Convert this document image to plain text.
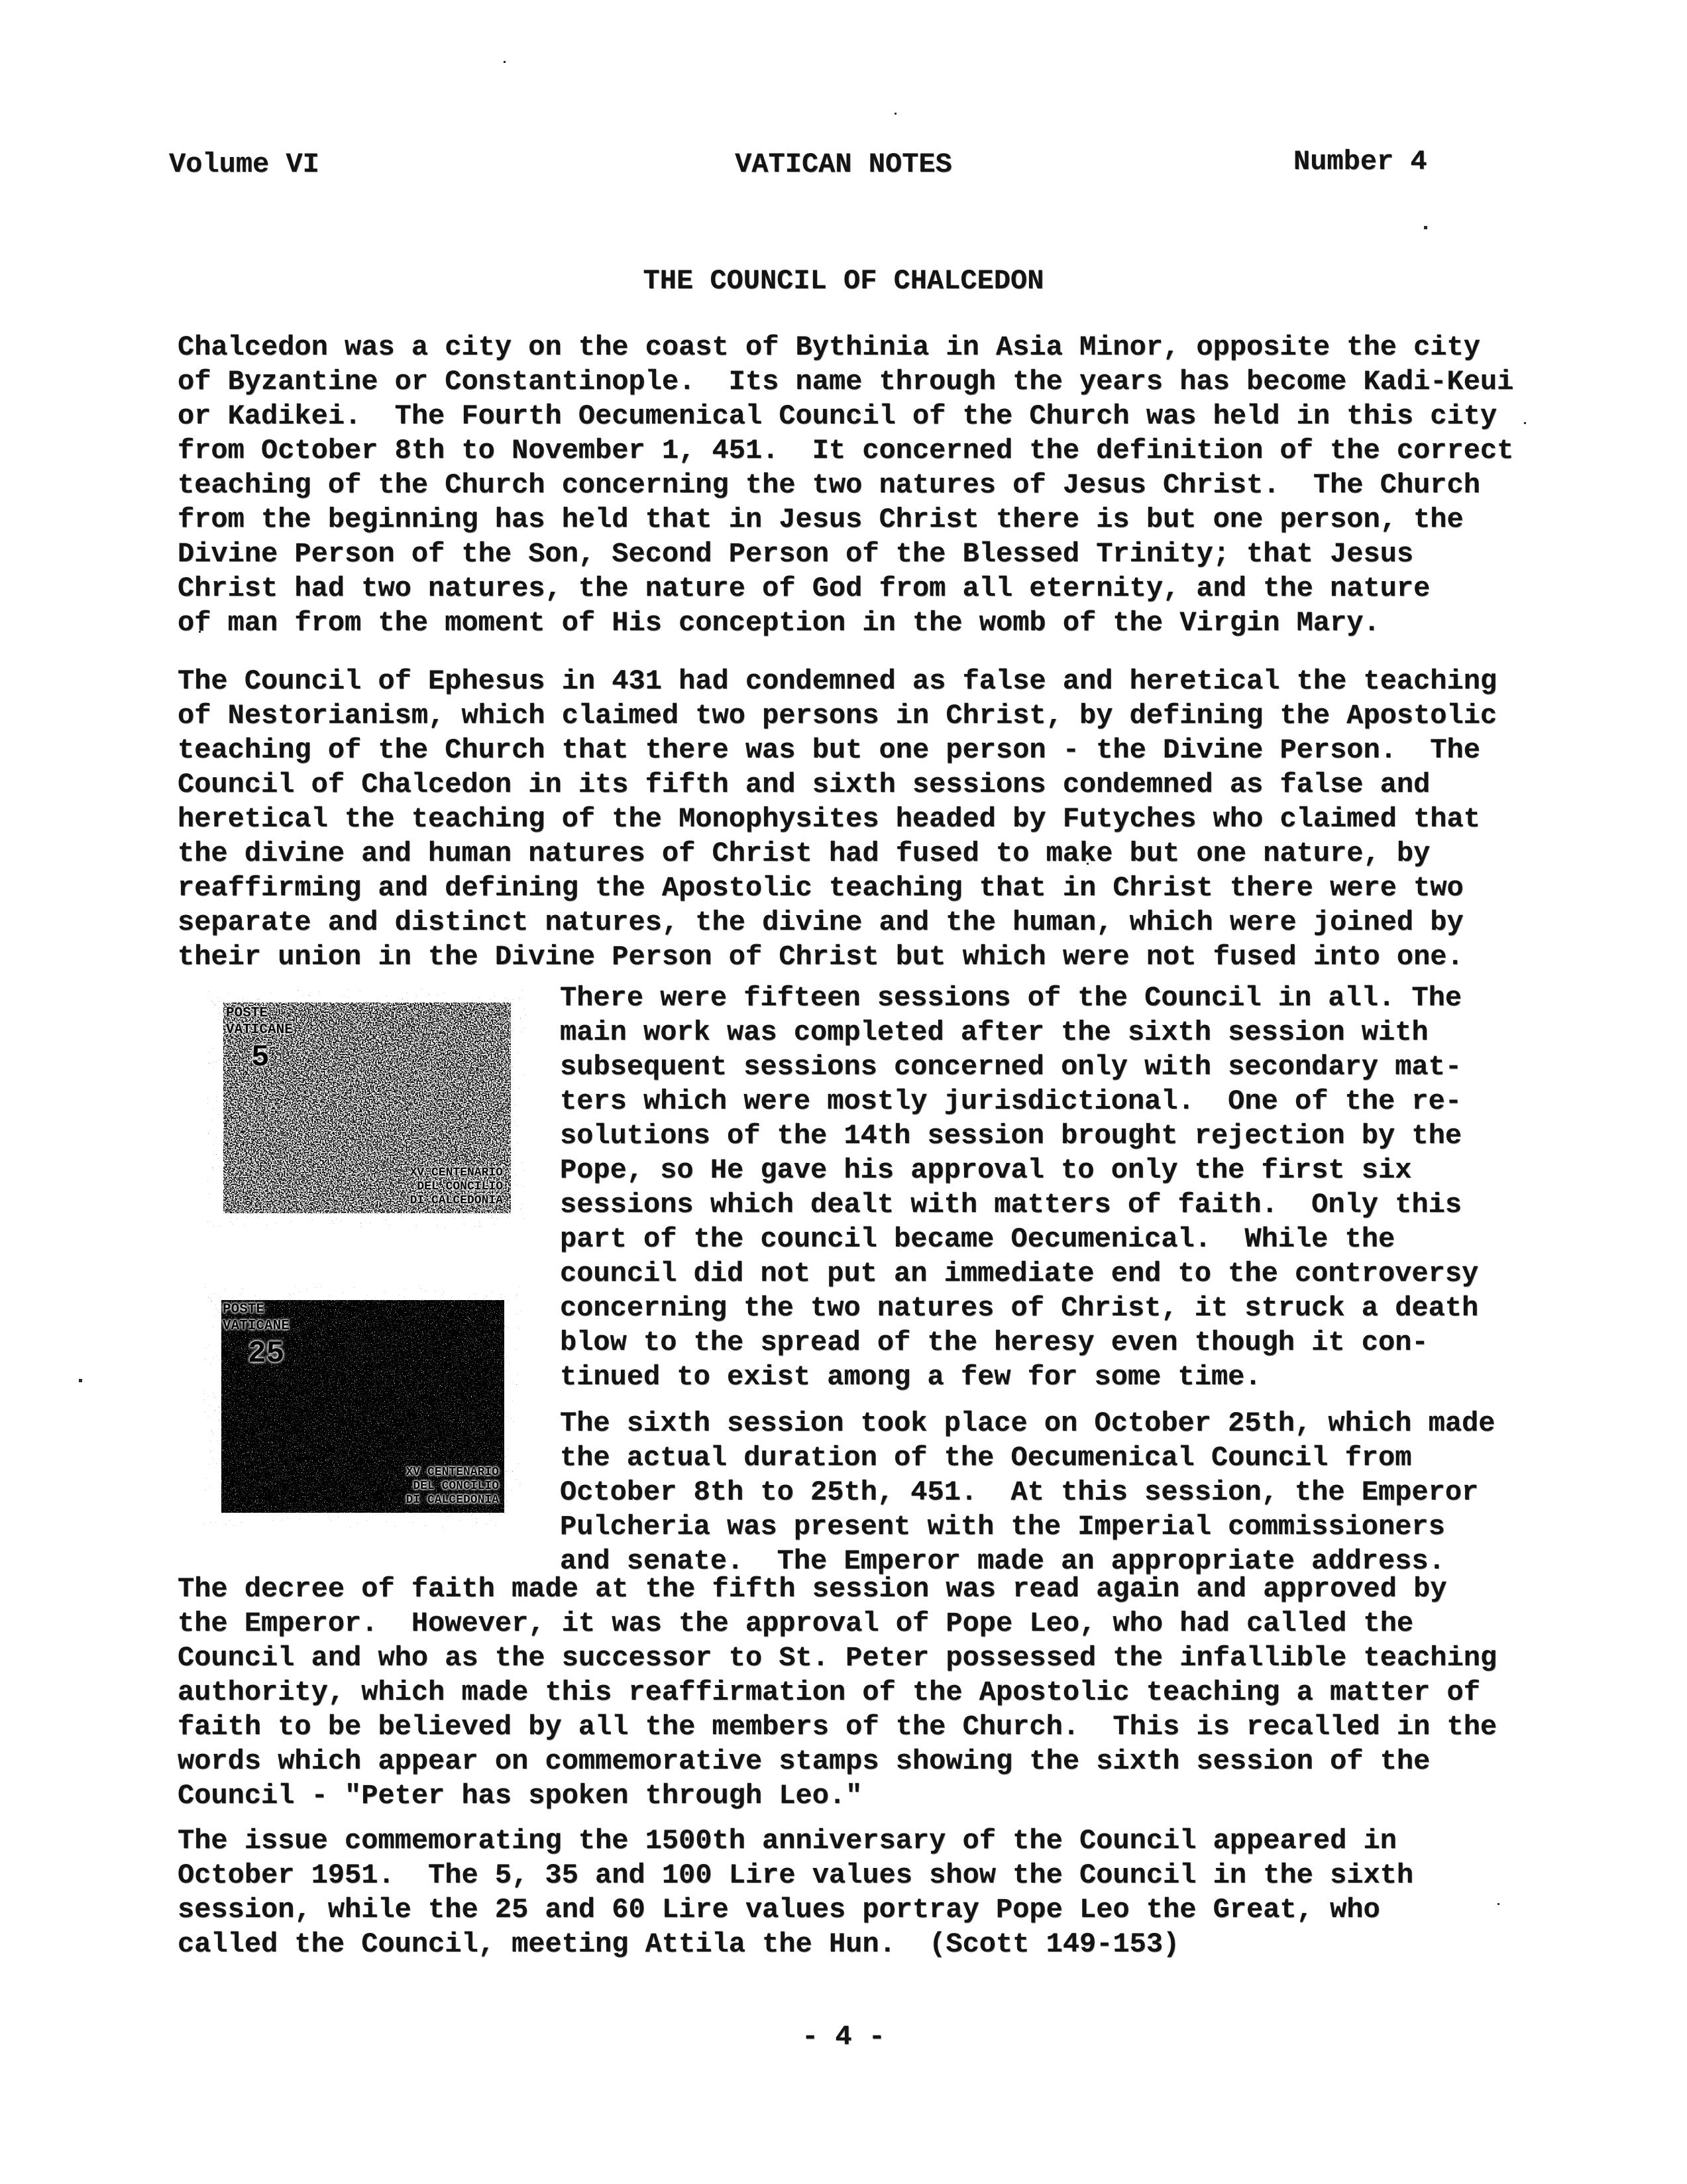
Volume VI	VATICAN NOTES	Number 4
THE COUNCIL OF CHALCEDON
Chalcedon was a city on the coast of Bythinia in Asia Minor, opposite the city
of Byzantine or Constantinople.  Its name through the years has become Kadi-Keui
or Kadikei.  The Fourth Oecumenical Council of the Church was held in this city
from October 8th to November 1, 451.  It concerned the definition of the correct
teaching of the Church concerning the two natures of Jesus Christ.  The Church
from the beginning has held that in Jesus Christ there is but one person, the
Divine Person of the Son, Second Person of the Blessed Trinity; that Jesus
Christ had two natures, the nature of God from all eternity, and the nature
of man from the moment of His conception in the womb of the Virgin Mary.
The Council of Ephesus in 431 had condemned as false and heretical the teaching
of Nestorianism, which claimed two persons in Christ, by defining the Apostolic
teaching of the Church that there was but one person - the Divine Person.  The
Council of Chalcedon in its fifth and sixth sessions condemned as false and
heretical the teaching of the Monophysites headed by Futyches who claimed that
the divine and human natures of Christ had fused to make but one nature, by
reaffirming and defining the Apostolic teaching that in Christ there were two
separate and distinct natures, the divine and the human, which were joined by
their union in the Divine Person of Christ but which were not fused into one.
POSTE
VATICANE
5
XV CENTENARIO
DEL CONCILIO
DI CALCEDONIA
POSTE
VATICANE
25
XV CENTENARIO
DEL CONCILIO
DI CALCEDONIA
There were fifteen sessions of the Council in all. The
main work was completed after the sixth session with
subsequent sessions concerned only with secondary mat-
ters which were mostly jurisdictional.  One of the re-
solutions of the 14th session brought rejection by the
Pope, so He gave his approval to only the first six
sessions which dealt with matters of faith.  Only this
part of the council became Oecumenical.  While the
council did not put an immediate end to the controversy
concerning the two natures of Christ, it struck a death
blow to the spread of the heresy even though it con-
tinued to exist among a few for some time.
The sixth session took place on October 25th, which made
the actual duration of the Oecumenical Council from
October 8th to 25th, 451.  At this session, the Emperor
Pulcheria was present with the Imperial commissioners
and senate.  The Emperor made an appropriate address.
The decree of faith made at the fifth session was read again and approved by
the Emperor.  However, it was the approval of Pope Leo, who had called the
Council and who as the successor to St. Peter possessed the infallible teaching
authority, which made this reaffirmation of the Apostolic teaching a matter of
faith to be believed by all the members of the Church.  This is recalled in the
words which appear on commemorative stamps showing the sixth session of the
Council - "Peter has spoken through Leo."
The issue commemorating the 1500th anniversary of the Council appeared in
October 1951.  The 5, 35 and 100 Lire values show the Council in the sixth
session, while the 25 and 60 Lire values portray Pope Leo the Great, who
called the Council, meeting Attila the Hun.  (Scott 149-153)
- 4 -
